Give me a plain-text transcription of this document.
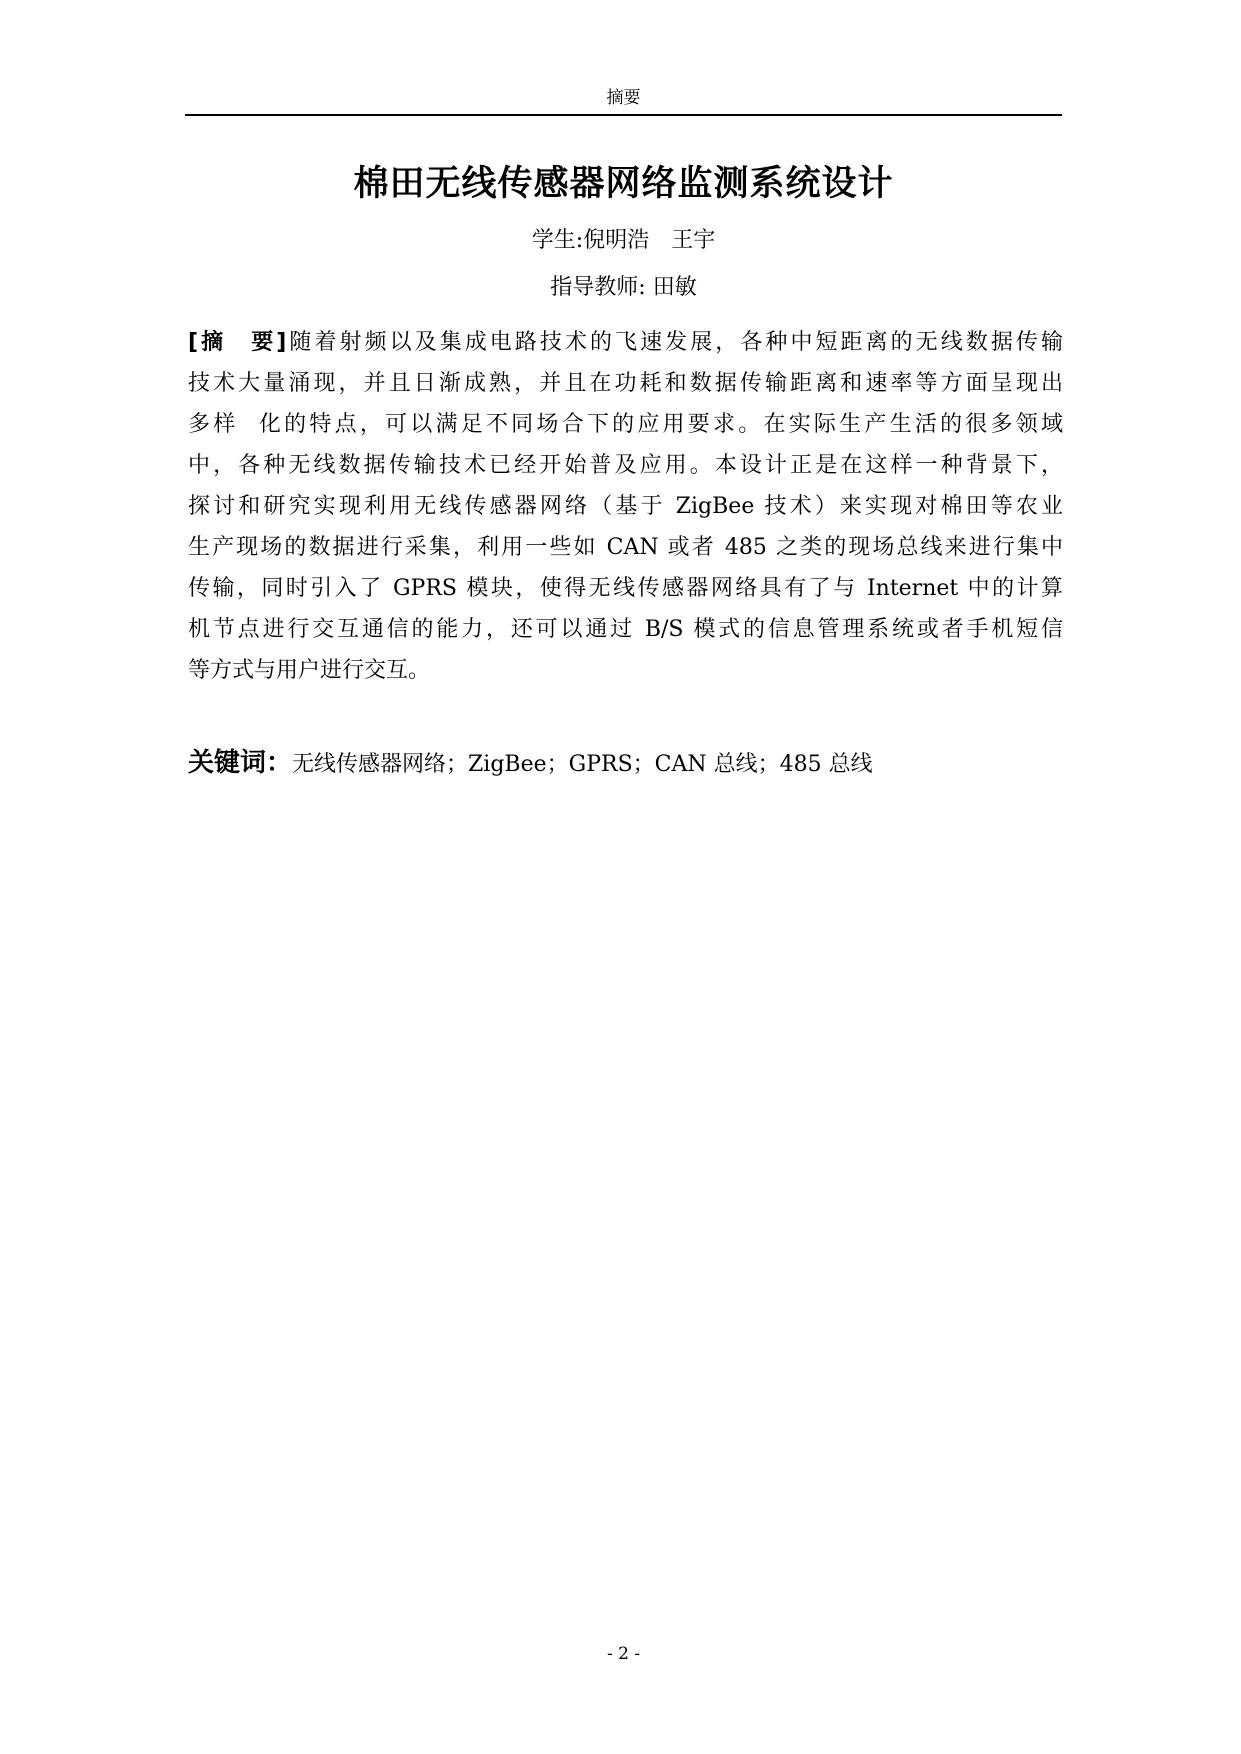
摘要
棉田无线传感器网络监测系统设计
学生:倪明浩　王宇
指导教师: 田敏
[摘　要]随着射频以及集成电路技术的飞速发展，各种中短距离的无线数据传输
技术大量涌现，并且日渐成熟，并且在功耗和数据传输距离和速率等方面呈现出
多样  化的特点，可以满足不同场合下的应用要求。在实际生产生活的很多领域
中，各种无线数据传输技术已经开始普及应用。本设计正是在这样一种背景下，
探讨和研究实现利用无线传感器网络（基于 ZigBee 技术）来实现对棉田等农业
生产现场的数据进行采集，利用一些如 CAN 或者 485 之类的现场总线来进行集中
传输，同时引入了 GPRS 模块，使得无线传感器网络具有了与 Internet 中的计算
机节点进行交互通信的能力，还可以通过 B/S 模式的信息管理系统或者手机短信
等方式与用户进行交互。
关键词：无线传感器网络；ZigBee；GPRS；CAN 总线；485 总线
- 2 -
